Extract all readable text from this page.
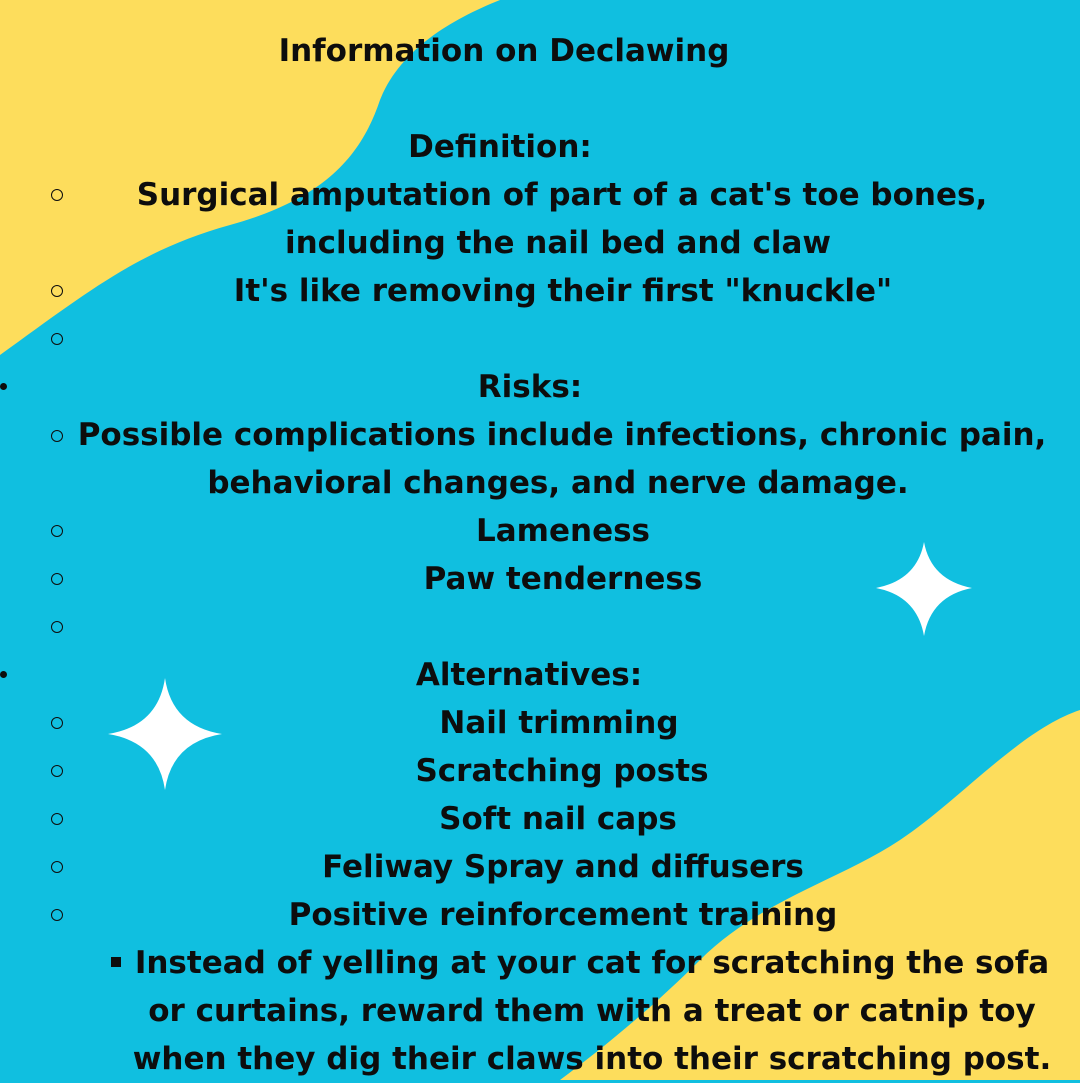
Information on Declawing
Definition:
Surgical amputation of part of a cat's toe bones,
including the nail bed and claw
It's like removing their first "knuckle"
Risks:
Possible complications include infections, chronic pain,
behavioral changes, and nerve damage.
Lameness
Paw tenderness
Alternatives:
Nail trimming
Scratching posts
Soft nail caps
Feliway Spray and diffusers
Positive reinforcement training
Instead of yelling at your cat for scratching the sofa
or curtains, reward them with a treat or catnip toy
when they dig their claws into their scratching post.
